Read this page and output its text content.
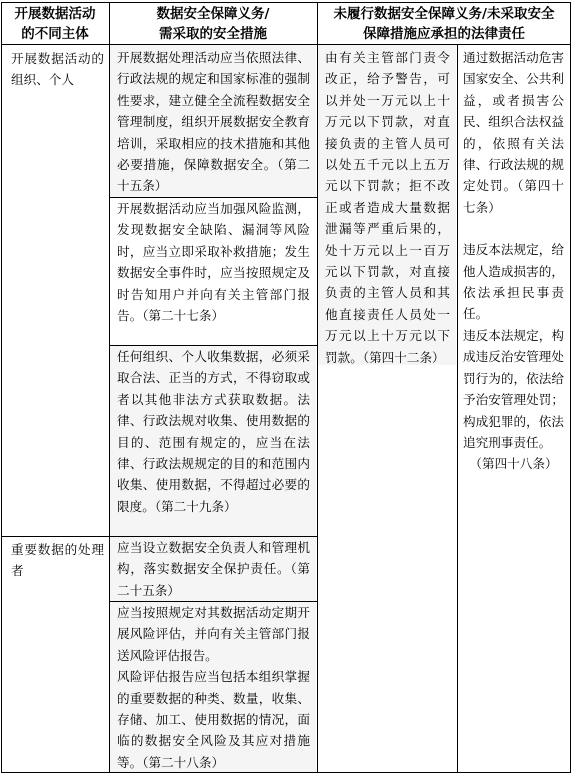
开展数据活动
的不同主体
数据安全保障义务/
需采取的安全措施
未履行数据安全保障义务/未采取安全
保障措施应承担的法律责任
开展数据活动的组织、个人
重要数据的处理者
开展数据处理活动应当依照法律、行政法规的规定和国家标准的强制性要求，建立健全全流程数据安全管理制度，组织开展数据安全教育培训，采取相应的技术措施和其他必要措施，保障数据安全。（第二十五条）
开展数据活动应当加强风险监测，发现数据安全缺陷、漏洞等风险时，应当立即采取补救措施；发生数据安全事件时，应当按照规定及时告知用户并向有关主管部门报告。（第二十七条）
任何组织、个人收集数据，必须采取合法、正当的方式，不得窃取或者以其他非法方式获取数据。法律、行政法规对收集、使用数据的目的、范围有规定的，应当在法律、行政法规规定的目的和范围内收集、使用数据，不得超过必要的限度。（第二十九条）
应当设立数据安全负责人和管理机构，落实数据安全保护责任。（第二十五条）
应当按照规定对其数据活动定期开展风险评估，并向有关主管部门报送风险评估报告。
风险评估报告应当包括本组织掌握的重要数据的种类、数量，收集、存储、加工、使用数据的情况，面临的数据安全风险及其应对措施等。（第二十八条）
由有关主管部门责令改正，给予警告，可以并处一万元以上十万元以下罚款，对直接负责的主管人员可以处五千元以上五万元以下罚款；拒不改正或者造成大量数据泄漏等严重后果的，处十万元以上一百万元以下罚款，对直接负责的主管人员和其他直接责任人员处一万元以上十万元以下罚款。（第四十二条）
通过数据活动危害国家安全、公共利益，或者损害公民、组织合法权益的，依照有关法律、行政法规的规定处罚。（第四十七条）
违反本法规定，给他人造成损害的，依法承担民事责任。
违反本法规定，构成违反治安管理处罚行为的，依法给予治安管理处罚；构成犯罪的，依法追究刑事责任。
（第四十八条）
